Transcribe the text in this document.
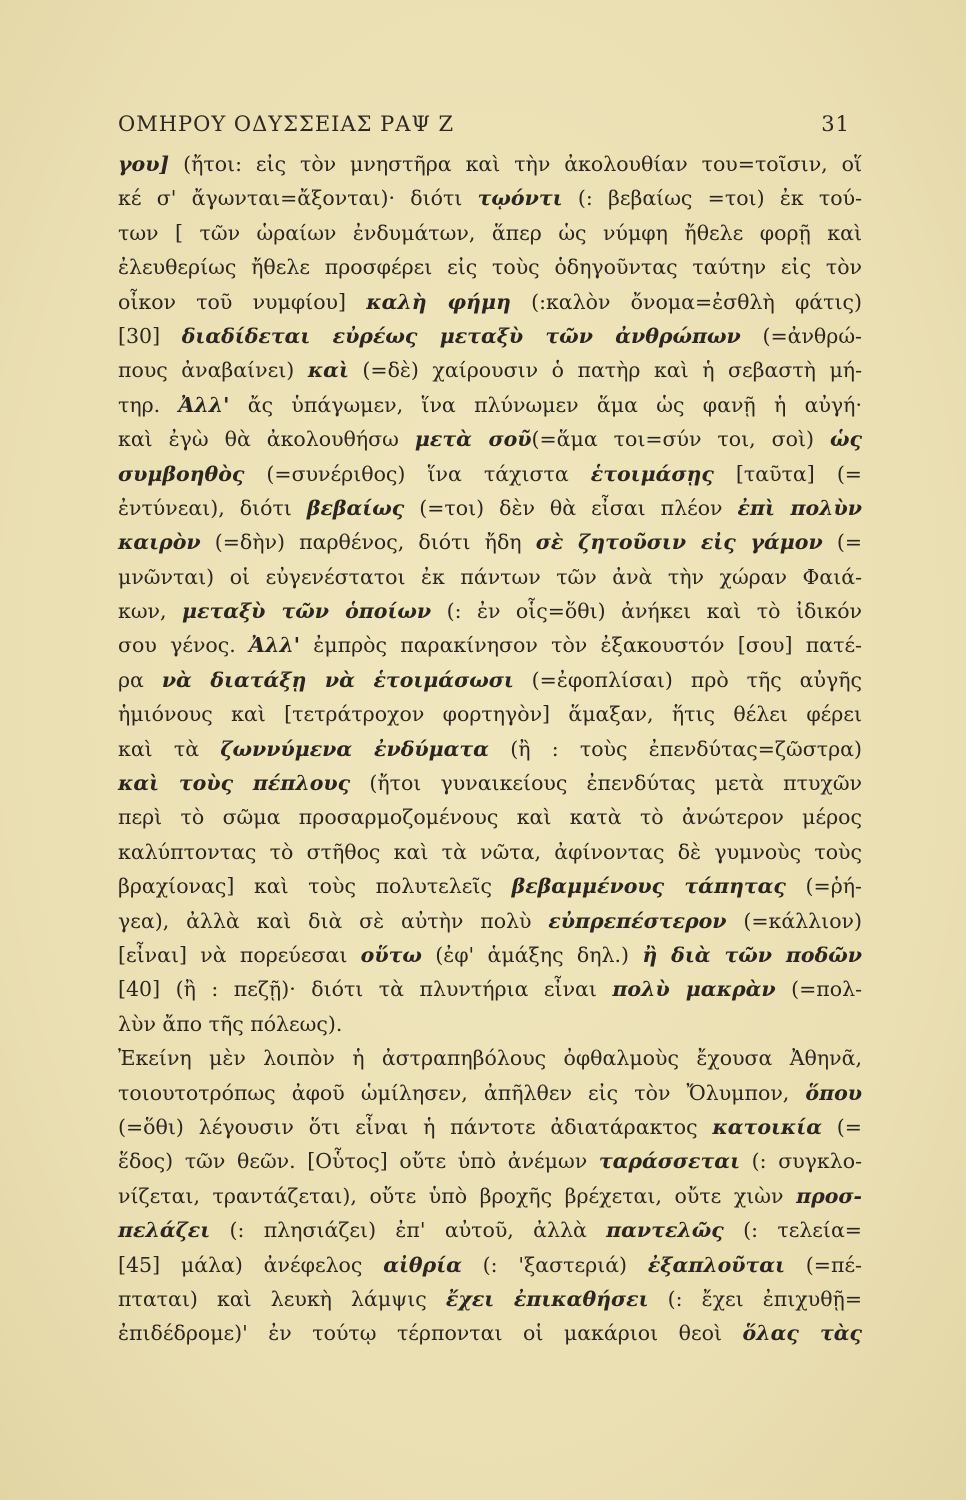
ΟΜΗΡΟΥ ΟΔΥΣΣΕΙΑΣ ΡΑΨ Ζ	31
γου] (ἤτοι: εἰς τὸν μνηστῆρα καὶ τὴν ἀκολουθίαν του=τοῖσιν, οἵ
κέ σ' ἄγωνται=ἄξονται)· διότι τῳόντι (: βεβαίως =τοι) ἐκ τού-
των [ τῶν ὡραίων ἐνδυμάτων, ἅπερ ὡς νύμφη ἤθελε φορῇ καὶ
ἐλευθερίως ἤθελε προσφέρει εἰς τοὺς ὁδηγοῦντας ταύτην εἰς τὸν
οἶκον τοῦ νυμφίου] καλὴ φήμη (:καλὸν ὄνομα=ἐσθλὴ φάτις)
[30] διαδίδεται εὐρέως μεταξὺ τῶν ἀνθρώπων (=ἀνθρώ-
πους ἀναβαίνει) καὶ (=δὲ) χαίρουσιν ὁ πατὴρ καὶ ἡ σεβαστὴ μή-
τηρ. Ἀλλ' ἄς ὑπάγωμεν, ἵνα πλύνωμεν ἅμα ὡς φανῇ ἡ αὐγή·
καὶ ἐγὼ θὰ ἀκολουθήσω μετὰ σοῦ(=ἅμα τοι=σύν τοι, σοὶ) ὡς
συμβοηθὸς (=συνέριθος) ἵνα τάχιστα ἑτοιμάσῃς [ταῦτα] (=
ἐντύνεαι), διότι βεβαίως (=τοι) δὲν θὰ εἶσαι πλέον ἐπὶ πολὺν
καιρὸν (=δὴν) παρθένος, διότι ἤδη σὲ ζητοῦσιν εἰς γάμον (=
μνῶνται) οἱ εὐγενέστατοι ἐκ πάντων τῶν ἀνὰ τὴν χώραν Φαιά-
κων, μεταξὺ τῶν ὁποίων (: ἐν οἷς=ὅθι) ἀνήκει καὶ τὸ ἰδικόν
σου γένος. Ἀλλ' ἐμπρὸς παρακίνησον τὸν ἐξακουστόν [σου] πατέ-
ρα νὰ διατάξῃ νὰ ἑτοιμάσωσι (=ἐφοπλίσαι) πρὸ τῆς αὐγῆς
ἡμιόνους καὶ [τετράτροχον φορτηγὸν] ἅμαξαν, ἥτις θέλει φέρει
καὶ τὰ ζωννύμενα ἐνδύματα (ἢ : τοὺς ἐπενδύτας=ζῶστρα)
καὶ τοὺς πέπλους (ἤτοι γυναικείους ἐπενδύτας μετὰ πτυχῶν
περὶ τὸ σῶμα προσαρμοζομένους καὶ κατὰ τὸ ἀνώτερον μέρος
καλύπτοντας τὸ στῆθος καὶ τὰ νῶτα, ἀφίνοντας δὲ γυμνοὺς τοὺς
βραχίονας] καὶ τοὺς πολυτελεῖς βεβαμμένους τάπητας (=ῥή-
γεα), ἀλλὰ καὶ διὰ σὲ αὐτὴν πολὺ εὐπρεπέστερον (=κάλλιον)
[εἶναι] νὰ πορεύεσαι οὕτω (ἐφ' ἁμάξης δηλ.) ἢ διὰ τῶν ποδῶν
[40] (ἢ : πεζῇ)· διότι τὰ πλυντήρια εἶναι πολὺ μακρὰν (=πολ-
λὺν ἄπο τῆς πόλεως).
Ἐκείνη μὲν λοιπὸν ἡ ἀστραπηβόλους ὀφθαλμοὺς ἔχουσα Ἀθηνᾶ,
τοιουτοτρόπως ἀφοῦ ὡμίλησεν, ἀπῆλθεν εἰς τὸν Ὄλυμπον, ὅπου
(=ὅθι) λέγουσιν ὅτι εἶναι ἡ πάντοτε ἀδιατάρακτος κατοικία (=
ἕδος) τῶν θεῶν. [Οὗτος] οὔτε ὑπὸ ἀνέμων ταράσσεται (: συγκλο-
νίζεται, τραντάζεται), οὔτε ὑπὸ βροχῆς βρέχεται, οὔτε χιὼν προσ-
πελάζει (: πλησιάζει) ἐπ' αὐτοῦ, ἀλλὰ παντελῶς (: τελεία=
[45] μάλα) ἀνέφελος αἰθρία (: 'ξαστεριά) ἐξαπλοῦται (=πέ-
πταται) καὶ λευκὴ λάμψις ἔχει ἐπικαθήσει (: ἔχει ἐπιχυθῇ=
ἐπιδέδρομε)' ἐν τούτῳ τέρπονται οἱ μακάριοι θεοὶ ὅλας τὰς
